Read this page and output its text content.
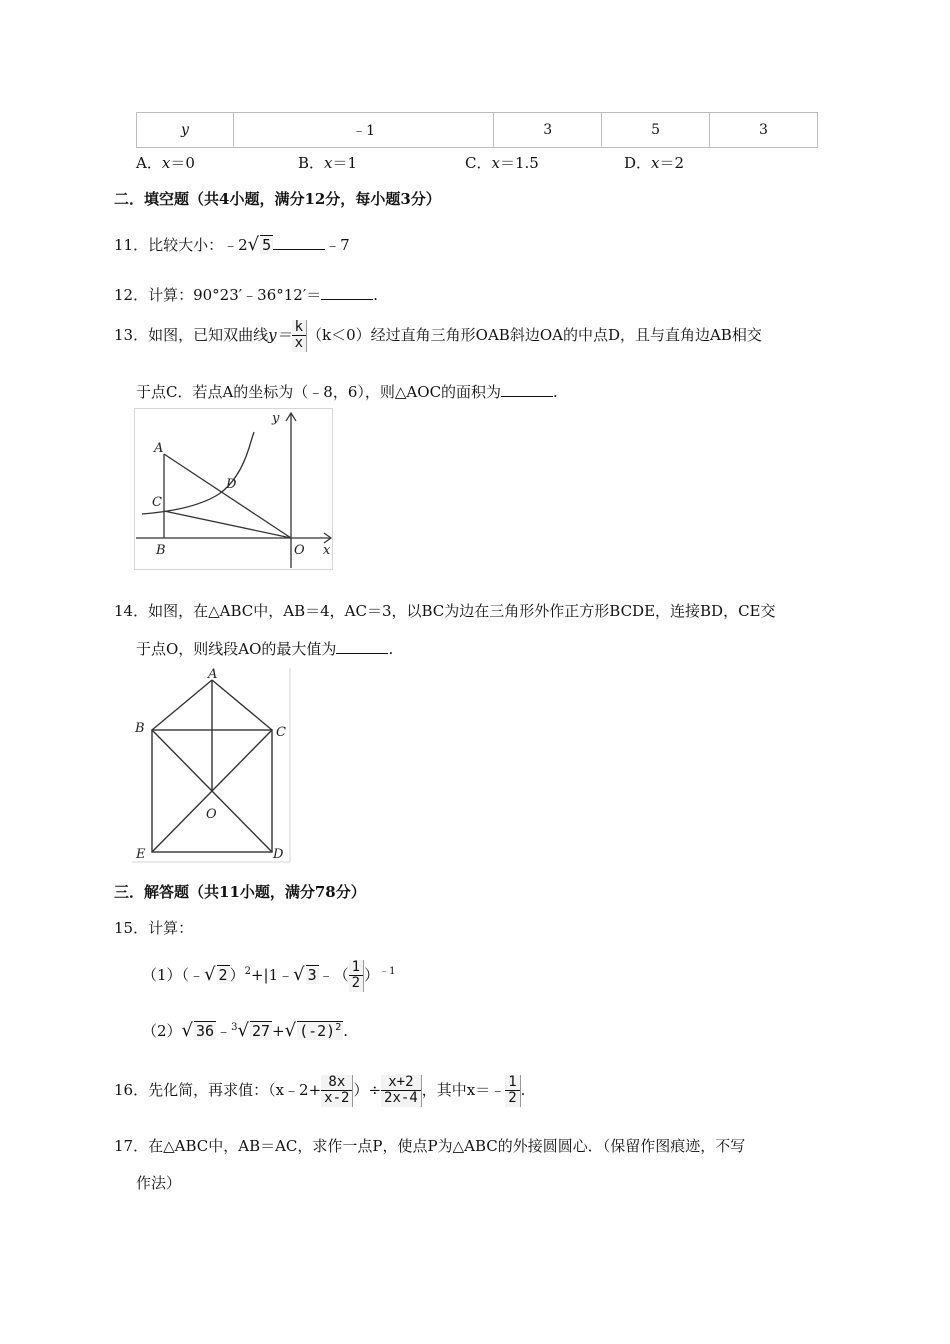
y	﹣1	3	5	3
A．x＝0	B．x＝1	C．x＝1.5	D．x＝2
二．填空题（共4小题，满分12分，每小题3分）
11．比较大小：﹣2√ 5	﹣7
12．计算：90°23′﹣36°12′＝	.
13．如图，已知双曲线$y= \frac{k}{x} (k<0)$经过直角三角形OAB斜边OA的中点D，且与直角边AB相交
于点C．若点A的坐标为（﹣8，6），则△AOC的面积为	.
A
C
D
B	O x
y
14．如图，在△ABC中，AB＝4，AC＝3，以BC为边在三角形外作正方形BCDE，连接BD，CE交
于点O，则线段AO的最大值为	.
A
B	C
D
E
O
三．解答题（共11小题，满分78分）
15．计算：
（1）（﹣√ 2 ）$^2$+|1﹣√ 3 ﹣（ $\frac{1}{2} )^{﹣1}$
（2）√ 36 ﹣$^3$√ 27 +√ $(-2)^2$ .
16．先化简，再求值：（x﹣2+ $\frac{8x}{x-2}$ ）÷ $\frac{x+2}{2x-4}$ ，其中x＝﹣ $\frac{1}{2}$ .
17．在△ABC中，AB＝AC，求作一点P，使点P为△ABC的外接圆圆心．（保留作图痕迹，不写
作法）
